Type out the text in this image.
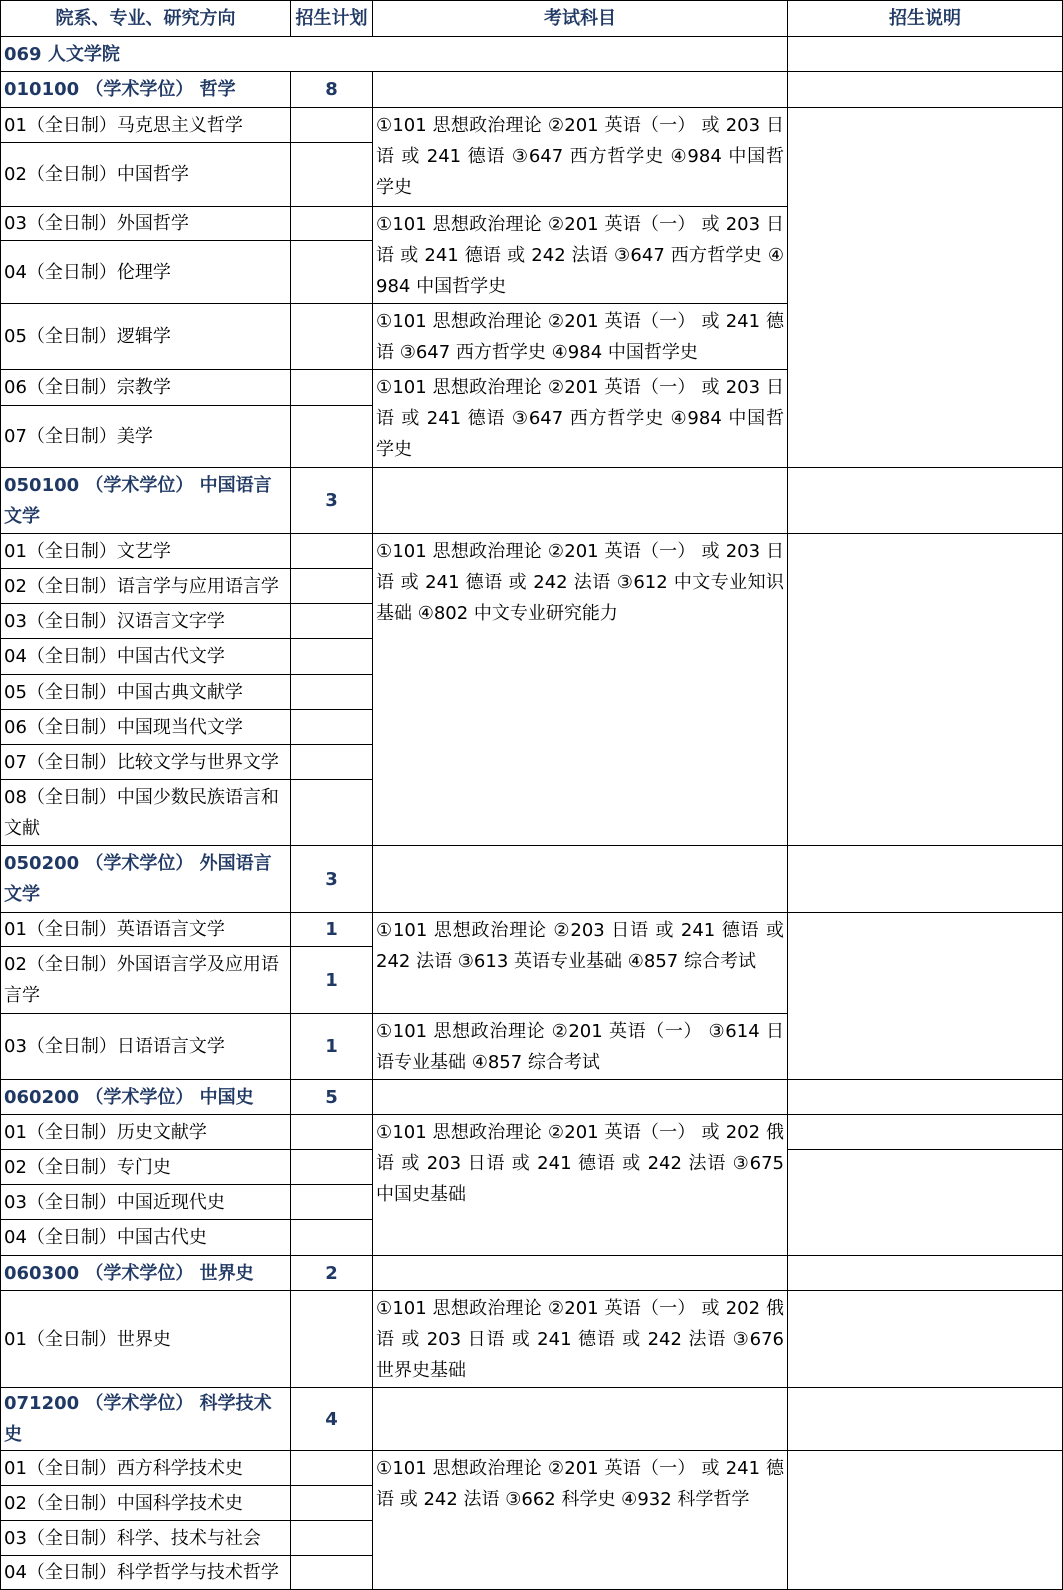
院系、专业、研究方向	招生计划	考试科目	招生说明
069 人文学院			
010100 （学术学位） 哲学	8		
01（全日制）马克思主义哲学		①101 思想政治理论 ②201 英语（一） 或 203 日语 或 241 德语 ③647 西方哲学史 ④984 中国哲学史	
02（全日制）中国哲学			
03（全日制）外国哲学		①101 思想政治理论 ②201 英语（一） 或 203 日语 或 241 德语 或 242 法语 ③647 西方哲学史 ④984 中国哲学史	
04（全日制）伦理学			
05（全日制）逻辑学		①101 思想政治理论 ②201 英语（一） 或 241 德语 ③647 西方哲学史 ④984 中国哲学史	
06（全日制）宗教学		①101 思想政治理论 ②201 英语（一） 或 203 日语 或 241 德语 ③647 西方哲学史 ④984 中国哲学史	
07（全日制）美学			
050100 （学术学位） 中国语言文学	3		
01（全日制）文艺学		①101 思想政治理论 ②201 英语（一） 或 203 日语 或 241 德语 或 242 法语 ③612 中文专业知识基础 ④802 中文专业研究能力	
02（全日制）语言学与应用语言学			
03（全日制）汉语言文字学			
04（全日制）中国古代文学			
05（全日制）中国古典文献学			
06（全日制）中国现当代文学			
07（全日制）比较文学与世界文学			
08（全日制）中国少数民族语言和文献			
050200 （学术学位） 外国语言文学	3		
01（全日制）英语语言文学	1	①101 思想政治理论 ②203 日语 或 241 德语 或 242 法语 ③613 英语专业基础 ④857 综合考试	
02（全日制）外国语言学及应用语言学	1		
03（全日制）日语语言文学	1	①101 思想政治理论 ②201 英语（一） ③614 日语专业基础 ④857 综合考试	
060200 （学术学位） 中国史	5		
01（全日制）历史文献学		①101 思想政治理论 ②201 英语（一） 或 202 俄语 或 203 日语 或 241 德语 或 242 法语 ③675 中国史基础	
02（全日制）专门史			
03（全日制）中国近现代史			
04（全日制）中国古代史			
060300 （学术学位） 世界史	2		
01（全日制）世界史		①101 思想政治理论 ②201 英语（一） 或 202 俄语 或 203 日语 或 241 德语 或 242 法语 ③676 世界史基础	
071200 （学术学位） 科学技术史	4		
01（全日制）西方科学技术史		①101 思想政治理论 ②201 英语（一） 或 241 德语 或 242 法语 ③662 科学史 ④932 科学哲学	
02（全日制）中国科学技术史			
03（全日制）科学、技术与社会			
04（全日制）科学哲学与技术哲学			
